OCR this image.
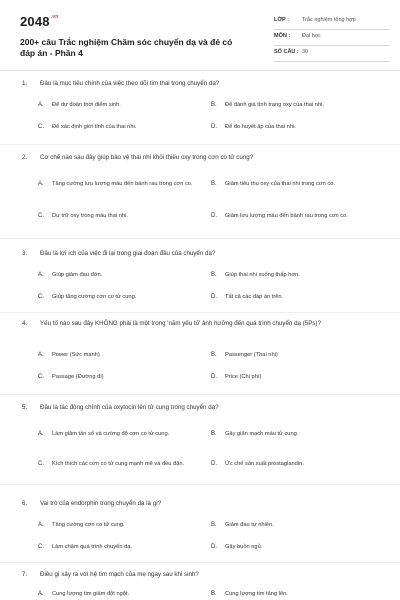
$2048^{.vn}$
200+ câu Trắc nghiệm Chăm sóc chuyển dạ và đẻ có đáp án - Phần 4
LỚP : Trắc nghiệm tổng hợp
MÔN : Đại học
SỐ CÂU : 30
1. Đâu là mục tiêu chính của việc theo dõi tim thai trong chuyển dạ?
A.	Để dự đoán thời điểm sinh.	B.	Để đánh giá tình trạng oxy của thai nhi.
C.	Để xác định giới tính của thai nhi.	D.	Để đo huyết áp của thai nhi.
2. Cơ chế nào sau đây giúp bảo vệ thai nhi khỏi thiếu oxy trong cơn co tử cung?
A.	Tăng cường lưu lượng máu đến bánh rau trong cơn co.	B.	Giảm tiêu thụ oxy của thai nhi trong cơn co.
C.	Dự trữ oxy trong máu thai nhi.	D.	Giảm lưu lượng máu đến bánh rau trong cơn co.
3. Đâu là lợi ích của việc đi lại trong giai đoạn đầu của chuyển dạ?
A.	Giúp giảm đau đớn.	B.	Giúp thai nhi xuống thấp hơn.
C.	Giúp tăng cường cơn co tử cung.	D.	Tất cả các đáp án trên.
4. Yếu tố nào sau đây KHÔNG phải là một trong 'năm yếu tố' ảnh hưởng đến quá trình chuyển dạ (5Ps)?
A.	Power (Sức mạnh)	B.	Passenger (Thai nhi)
C.	Passage (Đường đi)	D.	Price (Chi phí)
5. Đâu là tác động chính của oxytocin lên tử cung trong chuyển dạ?
A.	Làm giảm tần số và cường độ cơn co tử cung.	B.	Gây giãn mạch máu tử cung.
C.	Kích thích các cơn co tử cung mạnh mẽ và đều đặn.	D.	Ức chế sản xuất prostaglandin.
6. Vai trò của endorphin trong chuyển dạ là gì?
A.	Tăng cường cơn co tử cung.	B.	Giảm đau tự nhiên.
C.	Làm chậm quá trình chuyển dạ.	D.	Gây buồn ngủ.
7. Điều gì xảy ra với hệ tim mạch của mẹ ngay sau khi sinh?
A.	Cung lượng tim giảm đột ngột.	B.	Cung lượng tim tăng lên.
